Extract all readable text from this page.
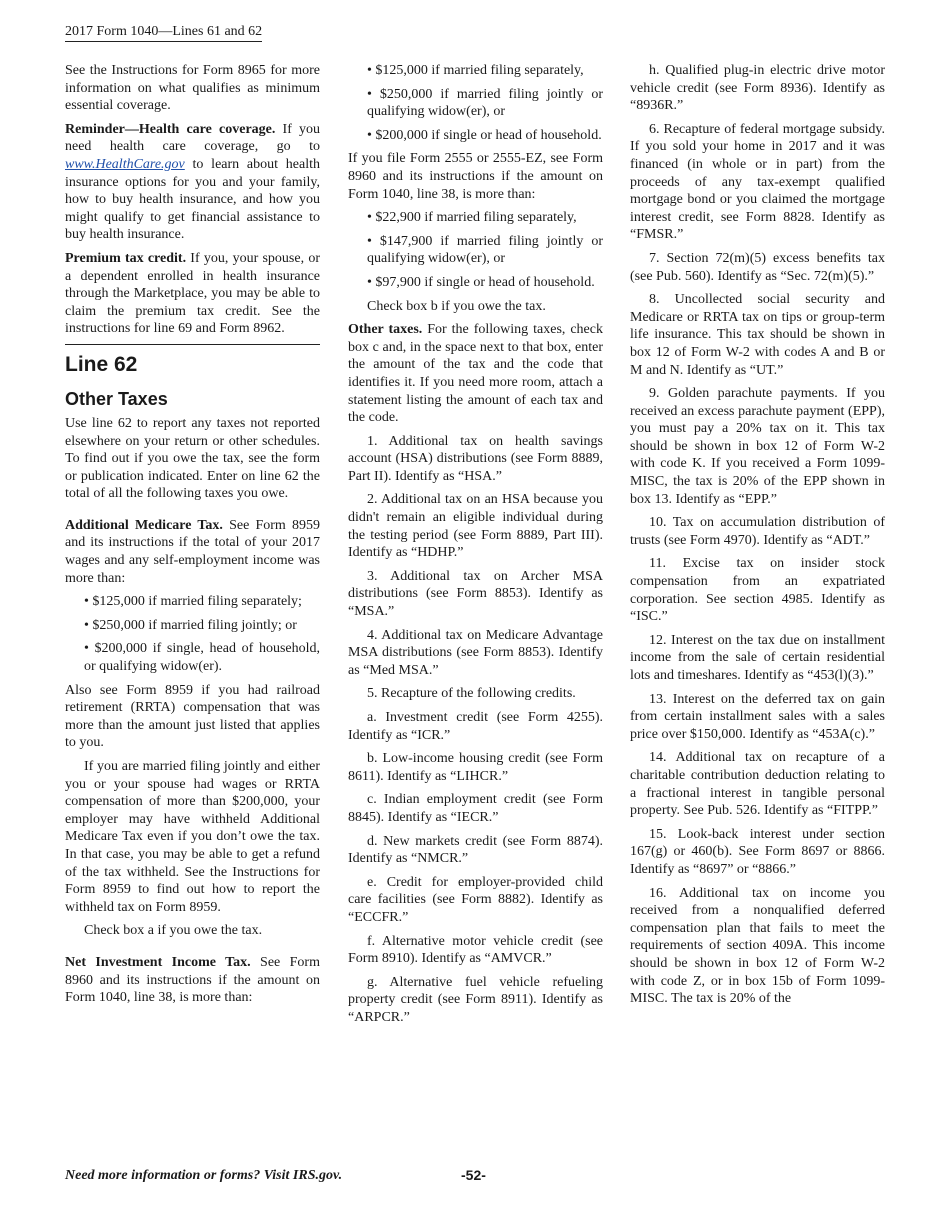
2017 Form 1040—Lines 61 and 62

See the Instructions for Form 8965 for more information on what qualifies as minimum essential coverage.

Reminder—Health care coverage. If you need health care coverage, go to www.HealthCare.gov to learn about health insurance options for you and your family, how to buy health insurance, and how you might qualify to get financial assistance to buy health insurance.

Premium tax credit. If you, your spouse, or a dependent enrolled in health insurance through the Marketplace, you may be able to claim the premium tax credit. See the instructions for line 69 and Form 8962.

Line 62
Other Taxes

Use line 62 to report any taxes not reported elsewhere on your return or other schedules. To find out if you owe the tax, see the form or publication indicated. Enter on line 62 the total of all the following taxes you owe.

Additional Medicare Tax. See Form 8959 and its instructions if the total of your 2017 wages and any self-employment income was more than:

• $125,000 if married filing separately;

• $250,000 if married filing jointly; or

• $200,000 if single, head of household, or qualifying widow(er).

Also see Form 8959 if you had railroad retirement (RRTA) compensation that was more than the amount just listed that applies to you.

If you are married filing jointly and either you or your spouse had wages or RRTA compensation of more than $200,000, your employer may have withheld Additional Medicare Tax even if you don’t owe the tax. In that case, you may be able to get a refund of the tax withheld. See the Instructions for Form 8959 to find out how to report the withheld tax on Form 8959.

Check box a if you owe the tax.

Net Investment Income Tax. See Form 8960 and its instructions if the amount on Form 1040, line 38, is more than:

• $125,000 if married filing separately,

• $250,000 if married filing jointly or qualifying widow(er), or

• $200,000 if single or head of household.

If you file Form 2555 or 2555-EZ, see Form 8960 and its instructions if the amount on Form 1040, line 38, is more than:

• $22,900 if married filing separately,

• $147,900 if married filing jointly or qualifying widow(er), or

• $97,900 if single or head of household.

Check box b if you owe the tax.

Other taxes. For the following taxes, check box c and, in the space next to that box, enter the amount of the tax and the code that identifies it. If you need more room, attach a statement listing the amount of each tax and the code.

1. Additional tax on health savings account (HSA) distributions (see Form 8889, Part II). Identify as “HSA.”

2. Additional tax on an HSA because you didn't remain an eligible individual during the testing period (see Form 8889, Part III). Identify as “HDHP.”

3. Additional tax on Archer MSA distributions (see Form 8853). Identify as “MSA.”

4. Additional tax on Medicare Advantage MSA distributions (see Form 8853). Identify as “Med MSA.”

5. Recapture of the following credits.

a. Investment credit (see Form 4255). Identify as “ICR.”

b. Low-income housing credit (see Form 8611). Identify as “LIHCR.”

c. Indian employment credit (see Form 8845). Identify as “IECR.”

d. New markets credit (see Form 8874). Identify as “NMCR.”

e. Credit for employer-provided child care facilities (see Form 8882). Identify as “ECCFR.”

f. Alternative motor vehicle credit (see Form 8910). Identify as “AMVCR.”

g. Alternative fuel vehicle refueling property credit (see Form 8911). Identify as “ARPCR.”

h. Qualified plug-in electric drive motor vehicle credit (see Form 8936). Identify as “8936R.”

6. Recapture of federal mortgage subsidy. If you sold your home in 2017 and it was financed (in whole or in part) from the proceeds of any tax-exempt qualified mortgage bond or you claimed the mortgage interest credit, see Form 8828. Identify as “FMSR.”

7. Section 72(m)(5) excess benefits tax (see Pub. 560). Identify as “Sec. 72(m)(5).”

8. Uncollected social security and Medicare or RRTA tax on tips or group-term life insurance. This tax should be shown in box 12 of Form W-2 with codes A and B or M and N. Identify as “UT.”

9. Golden parachute payments. If you received an excess parachute payment (EPP), you must pay a 20% tax on it. This tax should be shown in box 12 of Form W-2 with code K. If you received a Form 1099-MISC, the tax is 20% of the EPP shown in box 13. Identify as “EPP.”

10. Tax on accumulation distribution of trusts (see Form 4970). Identify as “ADT.”

11. Excise tax on insider stock compensation from an expatriated corporation. See section 4985. Identify as “ISC.”

12. Interest on the tax due on installment income from the sale of certain residential lots and timeshares. Identify as “453(l)(3).”

13. Interest on the deferred tax on gain from certain installment sales with a sales price over $150,000. Identify as “453A(c).”

14. Additional tax on recapture of a charitable contribution deduction relating to a fractional interest in tangible personal property. See Pub. 526. Identify as “FITPP.”

15. Look-back interest under section 167(g) or 460(b). See Form 8697 or 8866. Identify as “8697” or “8866.”

16. Additional tax on income you received from a nonqualified deferred compensation plan that fails to meet the requirements of section 409A. This income should be shown in box 12 of Form W-2 with code Z, or in box 15b of Form 1099-MISC. The tax is 20% of the

Need more information or forms? Visit IRS.gov.	-52-
